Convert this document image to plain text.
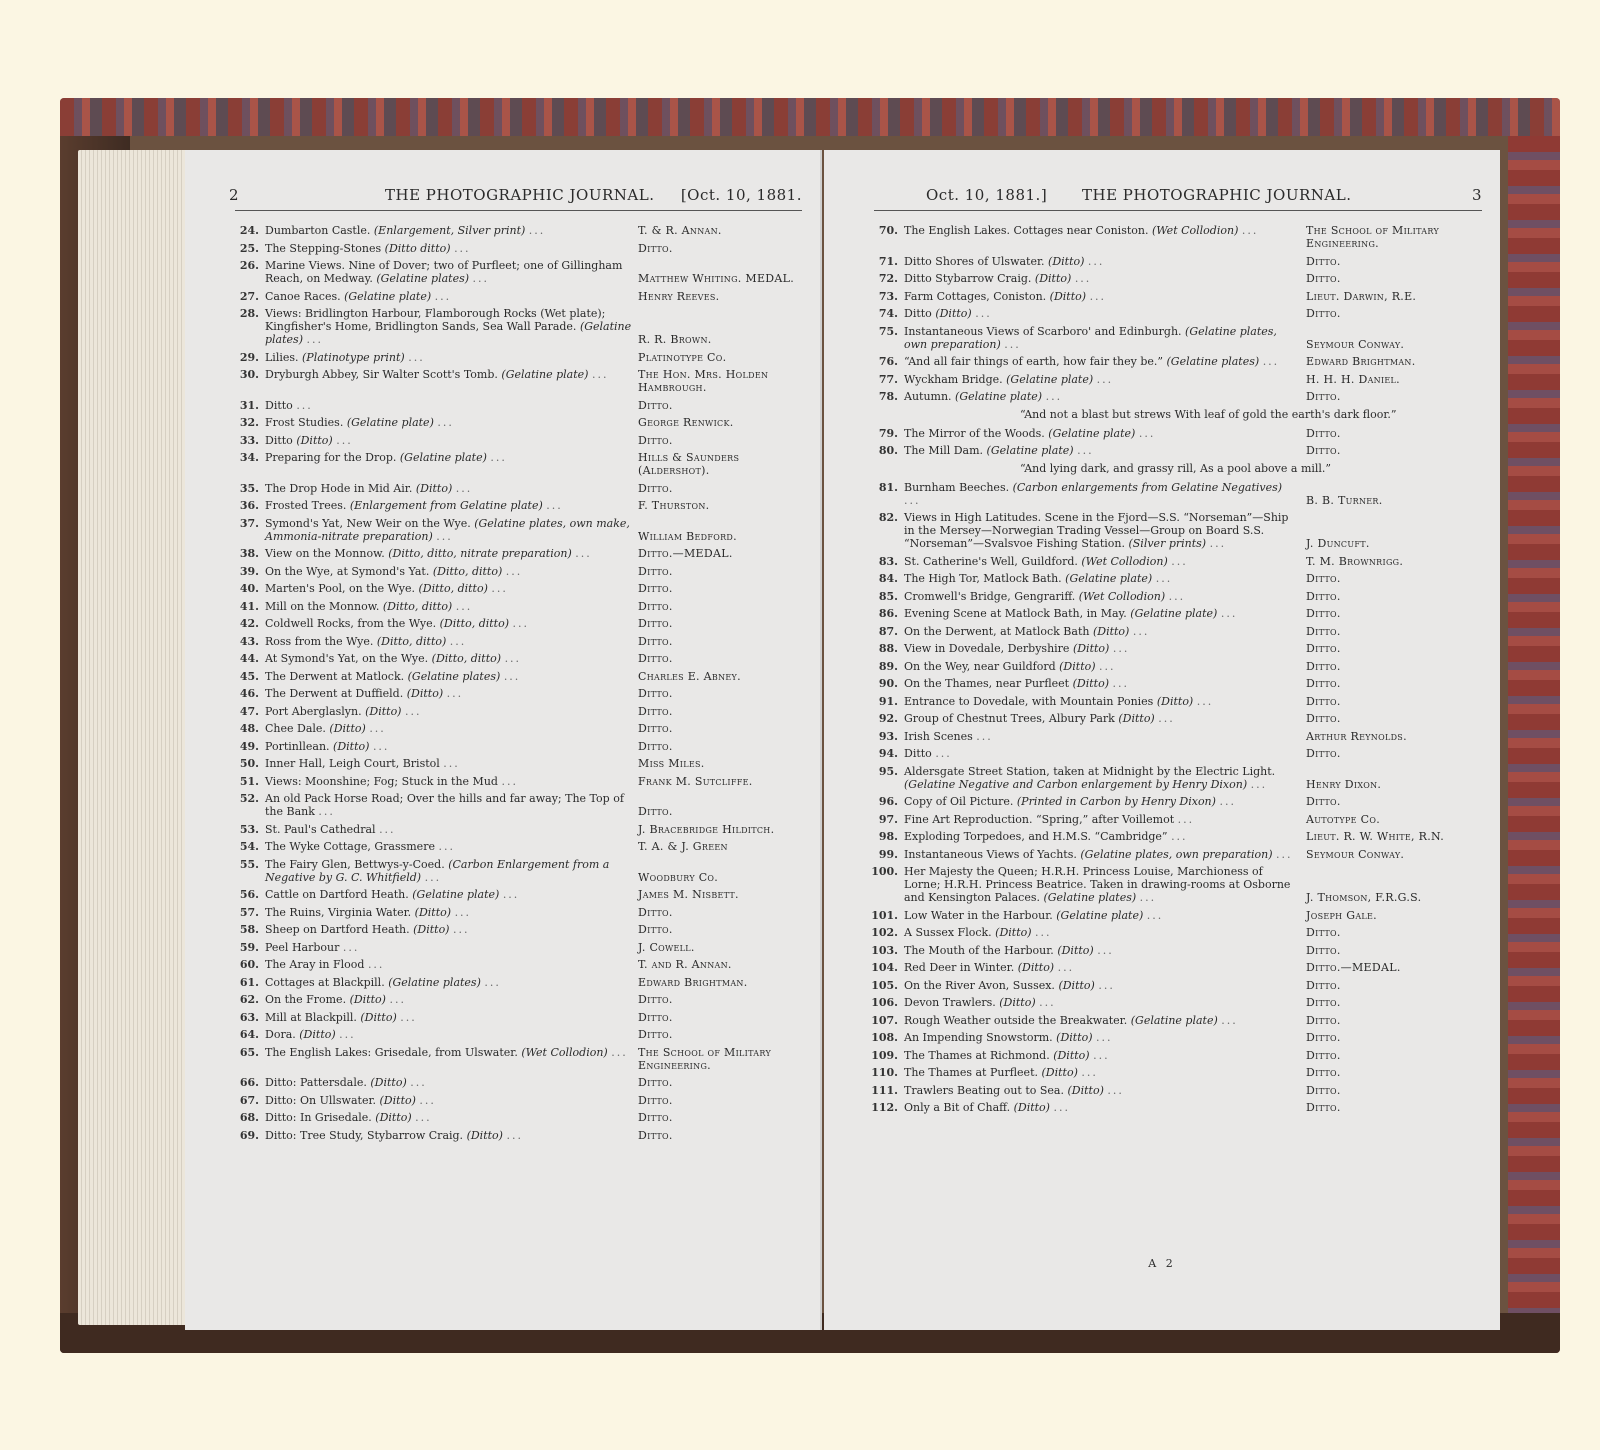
2	THE PHOTOGRAPHIC JOURNAL. [Oct. 10, 1881.
24. Dumbarton Castle. (Enlargement, Silver print) ...	T. & R. Annan.
25. The Stepping-Stones (Ditto ditto) ...	Ditto.
26. Marine Views. Nine of Dover; two of Purfleet; one of Gillingham Reach, on Medway. (Gelatine plates) ...	Matthew Whiting. MEDAL.
27. Canoe Races. (Gelatine plate) ...	Henry Reeves.
28. Views: Bridlington Harbour, Flamborough Rocks (Wet plate); Kingfisher's Home, Bridlington Sands, Sea Wall Parade. (Gelatine plates) ...	R. R. Brown.
29. Lilies. (Platinotype print) ...	Platinotype Co.
30. Dryburgh Abbey, Sir Walter Scott's Tomb. (Gelatine plate) ...	The Hon. Mrs. Holden Hambrough.
31. Ditto ...	Ditto.
32. Frost Studies. (Gelatine plate) ...	George Renwick.
33. Ditto (Ditto) ...	Ditto.
34. Preparing for the Drop. (Gelatine plate) ...	Hills & Saunders (Aldershot).
35. The Drop Hode in Mid Air. (Ditto) ...	Ditto.
36. Frosted Trees. (Enlargement from Gelatine plate) ...	F. Thurston.
37. Symond's Yat, New Weir on the Wye. (Gelatine plates, own make, Ammonia-nitrate preparation) ...	William Bedford.
38. View on the Monnow. (Ditto, ditto, nitrate preparation) ...	Ditto.—MEDAL.
39. On the Wye, at Symond's Yat. (Ditto, ditto) ...	Ditto.
40. Marten's Pool, on the Wye. (Ditto, ditto) ...	Ditto.
41. Mill on the Monnow. (Ditto, ditto) ...	Ditto.
42. Coldwell Rocks, from the Wye. (Ditto, ditto) ...	Ditto.
43. Ross from the Wye. (Ditto, ditto) ...	Ditto.
44. At Symond's Yat, on the Wye. (Ditto, ditto) ...	Ditto.
45. The Derwent at Matlock. (Gelatine plates) ...	Charles E. Abney.
46. The Derwent at Duffield. (Ditto) ...	Ditto.
47. Port Aberglaslyn. (Ditto) ...	Ditto.
48. Chee Dale. (Ditto) ...	Ditto.
49. Portinllean. (Ditto) ...	Ditto.
50. Inner Hall, Leigh Court, Bristol ...	Miss Miles.
51. Views: Moonshine; Fog; Stuck in the Mud ...	Frank M. Sutcliffe.
52. An old Pack Horse Road; Over the hills and far away; The Top of the Bank ...	Ditto.
53. St. Paul's Cathedral ...	J. Bracebridge Hilditch.
54. The Wyke Cottage, Grassmere ...	T. A. & J. Green
55. The Fairy Glen, Bettwys-y-Coed. (Carbon Enlargement from a Negative by G. C. Whitfield) ...	Woodbury Co.
56. Cattle on Dartford Heath. (Gelatine plate) ...	James M. Nisbett.
57. The Ruins, Virginia Water. (Ditto) ...	Ditto.
58. Sheep on Dartford Heath. (Ditto) ...	Ditto.
59. Peel Harbour ...	J. Cowell.
60. The Aray in Flood ...	T. and R. Annan.
61. Cottages at Blackpill. (Gelatine plates) ...	Edward Brightman.
62. On the Frome. (Ditto) ...	Ditto.
63. Mill at Blackpill. (Ditto) ...	Ditto.
64. Dora. (Ditto) ...	Ditto.
65. The English Lakes: Grisedale, from Ulswater. (Wet Collodion) ... The School of Military Engineering.
66. Ditto: Pattersdale. (Ditto) ...	Ditto.
67. Ditto: On Ullswater. (Ditto) ...	Ditto.
68. Ditto: In Grisedale. (Ditto) ...	Ditto.
69. Ditto: Tree Study, Stybarrow Craig. (Ditto) ...	Ditto.
Oct. 10, 1881.] THE PHOTOGRAPHIC JOURNAL.	3
70. The English Lakes. Cottages near Coniston. (Wet Collodion) ...	The School of Military Engineering.
71. Ditto Shores of Ulswater. (Ditto) ...	Ditto.
72. Ditto Stybarrow Craig. (Ditto) ...	Ditto.
73. Farm Cottages, Coniston. (Ditto) ...	Lieut. Darwin, R.E.
74. Ditto (Ditto) ...	Ditto.
75. Instantaneous Views of Scarboro' and Edinburgh. (Gelatine plates, own preparation) ...	Seymour Conway.
76. “And all fair things of earth, how fair they be.” (Gelatine plates) ...	Edward Brightman.
77. Wyckham Bridge. (Gelatine plate) ...	H. H. H. Daniel.
78. Autumn. (Gelatine plate) ...	Ditto.
“And not a blast but strews With leaf of gold the earth's dark floor.”
79. The Mirror of the Woods. (Gelatine plate) ...	Ditto.
80. The Mill Dam. (Gelatine plate) ...	Ditto.
“And lying dark, and grassy rill, As a pool above a mill.”
81. Burnham Beeches. (Carbon enlargements from Gelatine Negatives) ...	B. B. Turner.
82. Views in High Latitudes. Scene in the Fjord—S.S. “Norseman”—Ship in the Mersey—Norwegian Trading Vessel—Group on Board S.S. “Norseman”—Svalsvoe Fishing Station. (Silver prints) ...	J. Duncuft.
83. St. Catherine's Well, Guildford. (Wet Collodion) ...	T. M. Brownrigg.
84. The High Tor, Matlock Bath. (Gelatine plate) ...	Ditto.
85. Cromwell's Bridge, Gengrariff. (Wet Collodion) ...	Ditto.
86. Evening Scene at Matlock Bath, in May. (Gelatine plate) ...	Ditto.
87. On the Derwent, at Matlock Bath (Ditto) ...	Ditto.
88. View in Dovedale, Derbyshire (Ditto) ...	Ditto.
89. On the Wey, near Guildford (Ditto) ...	Ditto.
90. On the Thames, near Purfleet (Ditto) ...	Ditto.
91. Entrance to Dovedale, with Mountain Ponies (Ditto) ...	Ditto.
92. Group of Chestnut Trees, Albury Park (Ditto) ...	Ditto.
93. Irish Scenes ...	Arthur Reynolds.
94. Ditto ...	Ditto.
95. Aldersgate Street Station, taken at Midnight by the Electric Light. (Gelatine Negative and Carbon enlargement by Henry Dixon) ...	Henry Dixon.
96. Copy of Oil Picture. (Printed in Carbon by Henry Dixon) ...	Ditto.
97. Fine Art Reproduction. “Spring,” after Voillemot ...	Autotype Co.
98. Exploding Torpedoes, and H.M.S. “Cambridge” ...	Lieut. R. W. White, R.N.
99. Instantaneous Views of Yachts. (Gelatine plates, own preparation) ...	Seymour Conway.
100. Her Majesty the Queen; H.R.H. Princess Louise, Marchioness of Lorne; H.R.H. Princess Beatrice. Taken in drawing-rooms at Osborne and Kensington Palaces. (Gelatine plates) ...	J. Thomson, F.R.G.S.
101. Low Water in the Harbour. (Gelatine plate) ...	Joseph Gale.
102. A Sussex Flock. (Ditto) ...	Ditto.
103. The Mouth of the Harbour. (Ditto) ...	Ditto.
104. Red Deer in Winter. (Ditto) ...	Ditto.—MEDAL.
105. On the River Avon, Sussex. (Ditto) ...	Ditto.
106. Devon Trawlers. (Ditto) ...	Ditto.
107. Rough Weather outside the Breakwater. (Gelatine plate) ...	Ditto.
108. An Impending Snowstorm. (Ditto) ...	Ditto.
109. The Thames at Richmond. (Ditto) ...	Ditto.
110. The Thames at Purfleet. (Ditto) ...	Ditto.
111. Trawlers Beating out to Sea. (Ditto) ...	Ditto.
112. Only a Bit of Chaff. (Ditto) ...	Ditto.
A 2
